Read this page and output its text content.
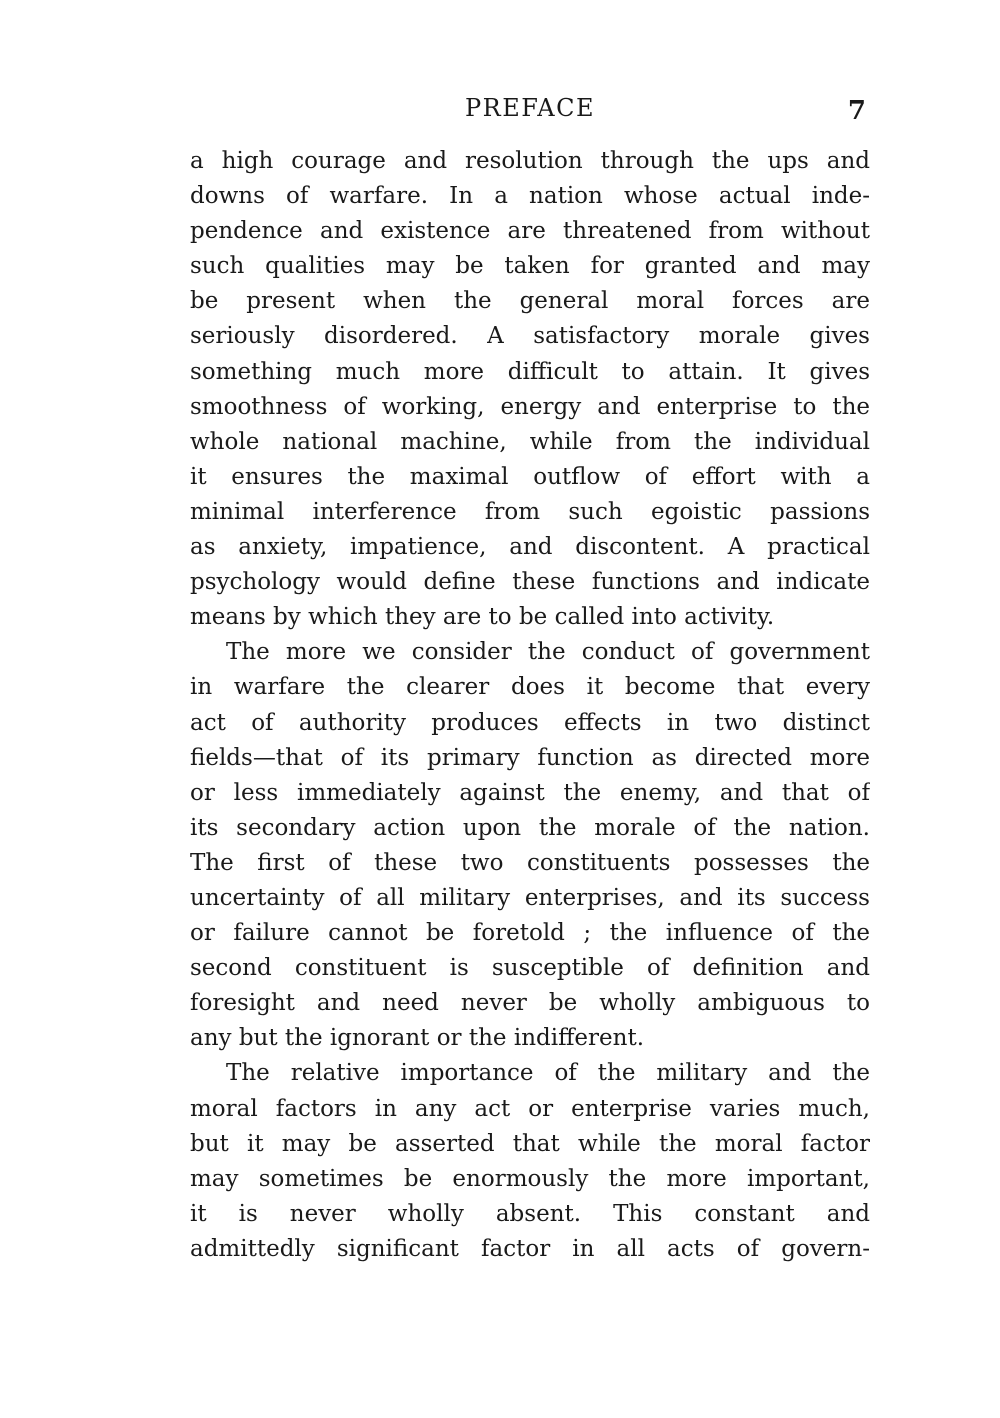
PREFACE	7
a high courage and resolution through the ups and
downs of warfare. In a nation whose actual inde-
pendence and existence are threatened from without
such qualities may be taken for granted and may
be present when the general moral forces are
seriously disordered. A satisfactory morale gives
something much more difficult to attain. It gives
smoothness of working, energy and enterprise to the
whole national machine, while from the individual
it ensures the maximal outflow of effort with a
minimal interference from such egoistic passions
as anxiety, impatience, and discontent. A practical
psychology would define these functions and indicate
means by which they are to be called into activity.
The more we consider the conduct of government
in warfare the clearer does it become that every
act of authority produces effects in two distinct
fields—that of its primary function as directed more
or less immediately against the enemy, and that of
its secondary action upon the morale of the nation.
The first of these two constituents possesses the
uncertainty of all military enterprises, and its success
or failure cannot be foretold ; the influence of the
second constituent is susceptible of definition and
foresight and need never be wholly ambiguous to
any but the ignorant or the indifferent.
The relative importance of the military and the
moral factors in any act or enterprise varies much,
but it may be asserted that while the moral factor
may sometimes be enormously the more important,
it is never wholly absent. This constant and
admittedly significant factor in all acts of govern-
